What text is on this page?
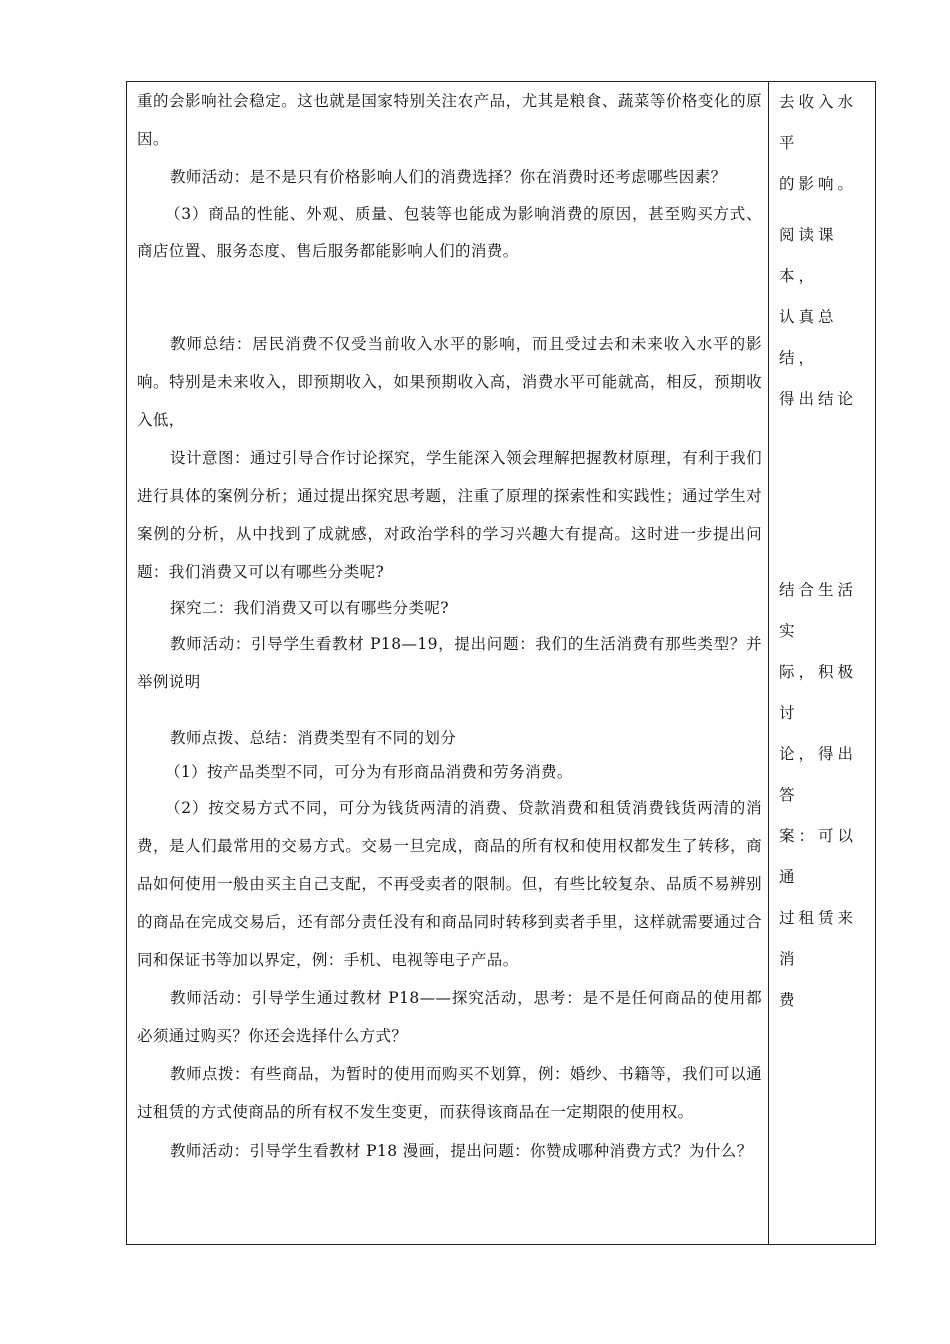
重的会影响社会稳定。这也就是国家特别关注农产品，尤其是粮食、蔬菜等价格变化的原因。

教师活动：是不是只有价格影响人们的消费选择？你在消费时还考虑哪些因素？

（3）商品的性能、外观、质量、包装等也能成为影响消费的原因，甚至购买方式、商店位置、服务态度、售后服务都能影响人们的消费。

教师总结：居民消费不仅受当前收入水平的影响，而且受过去和未来收入水平的影响。特别是未来收入，即预期收入，如果预期收入高，消费水平可能就高，相反，预期收入低，

设计意图：通过引导合作讨论探究，学生能深入领会理解把握教材原理，有利于我们进行具体的案例分析；通过提出探究思考题，注重了原理的探索性和实践性；通过学生对案例的分析，从中找到了成就感，对政治学科的学习兴趣大有提高。这时进一步提出问题：我们消费又可以有哪些分类呢?

探究二：我们消费又可以有哪些分类呢?

教师活动：引导学生看教材 P18—19，提出问题：我们的生活消费有那些类型？并举例说明

教师点拨、总结：消费类型有不同的划分

（1）按产品类型不同，可分为有形商品消费和劳务消费。

（2）按交易方式不同，可分为钱货两清的消费、贷款消费和租赁消费钱货两清的消费，是人们最常用的交易方式。交易一旦完成，商品的所有权和使用权都发生了转移，商品如何使用一般由买主自己支配，不再受卖者的限制。但，有些比较复杂、品质不易辨别的商品在完成交易后，还有部分责任没有和商品同时转移到卖者手里，这样就需要通过合同和保证书等加以界定，例：手机、电视等电子产品。

教师活动：引导学生通过教材 P18——探究活动，思考：是不是任何商品的使用都必须通过购买？你还会选择什么方式？

教师点拨：有些商品，为暂时的使用而购买不划算，例：婚纱、书籍等，我们可以通过租赁的方式使商品的所有权不发生变更，而获得该商品在一定期限的使用权。

教师活动：引导学生看教材 P18 漫画，提出问题：你赞成哪种消费方式？为什么？

去收入水平

的影响。

阅读课本，

认真总结，

得出结论

结合生活实

际，积极讨

论，得出答

案：可以通

过租赁来消

费
